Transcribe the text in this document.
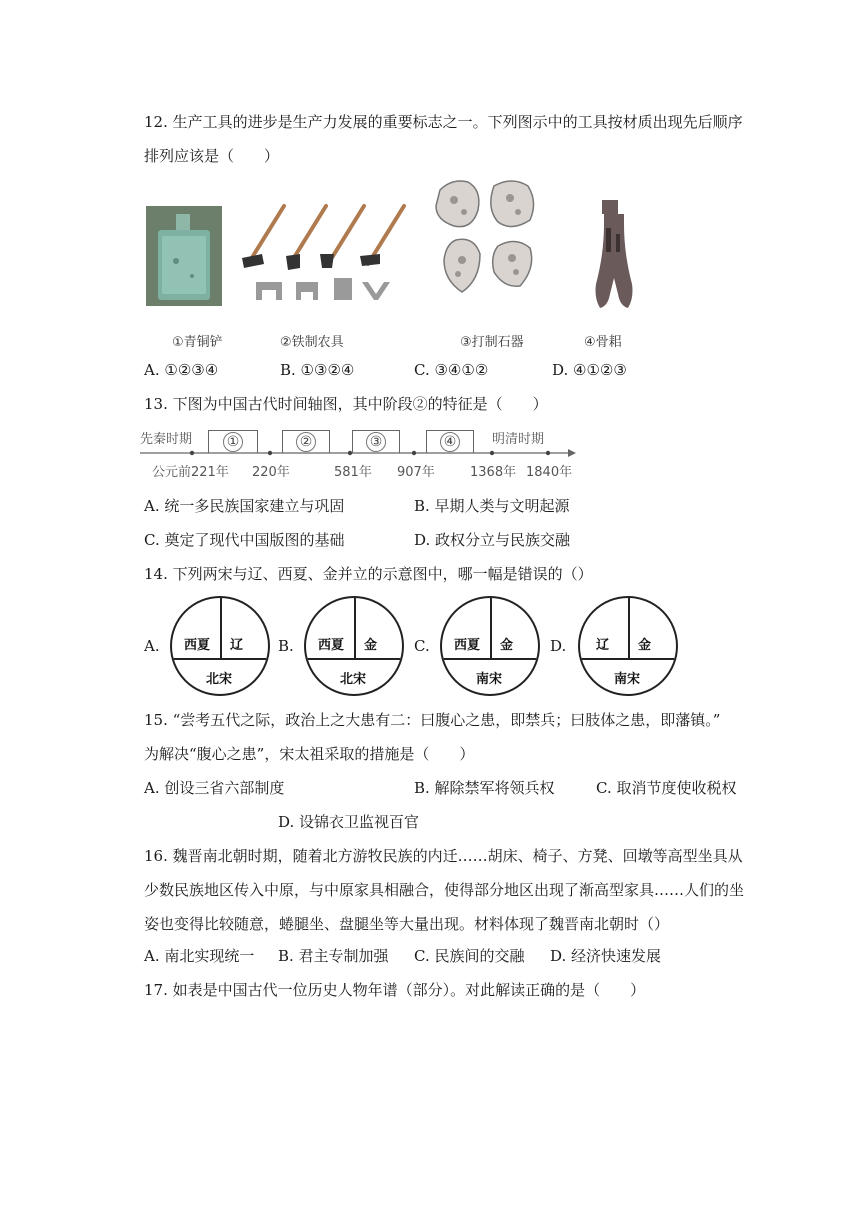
12. 生产工具的进步是生产力发展的重要标志之一。下列图示中的工具按材质出现先后顺序
排列应该是（　　）
①青铜铲	②铁制农具	③打制石器	④骨耜
A. ①②③④	B. ①③②④	C. ③④①②	D. ④①②③
13. 下图为中国古代时间轴图，其中阶段②的特征是（　　）
先秦时期	明清时期
①	②	③	④
公元前221年 220年	581年 907年	1368年 1840年
A. 统一多民族国家建立与巩固	B. 早期人类与文明起源
C. 奠定了现代中国版图的基础	D. 政权分立与民族交融
14. 下列两宋与辽、西夏、金并立的示意图中，哪一幅是错误的（）
A. 西夏 辽
北宋
B. 西夏 金
北宋
C. 西夏 金
南宋
D. 辽 金
南宋
15. “尝考五代之际，政治上之大患有二：曰腹心之患，即禁兵；曰肢体之患，即藩镇。”
为解决“腹心之患”，宋太祖采取的措施是（　　）
A. 创设三省六部制度	B. 解除禁军将领兵权	C. 取消节度使收税权
D. 设锦衣卫监视百官
16. 魏晋南北朝时期，随着北方游牧民族的内迁……胡床、椅子、方凳、回墩等高型坐具从
少数民族地区传入中原，与中原家具相融合，使得部分地区出现了渐高型家具……人们的坐
姿也变得比较随意，蜷腿坐、盘腿坐等大量出现。材料体现了魏晋南北朝时（）
A. 南北实现统一 B. 君主专制加强 C. 民族间的交融 D. 经济快速发展
17. 如表是中国古代一位历史人物年谱（部分）。对此解读正确的是（　　）
